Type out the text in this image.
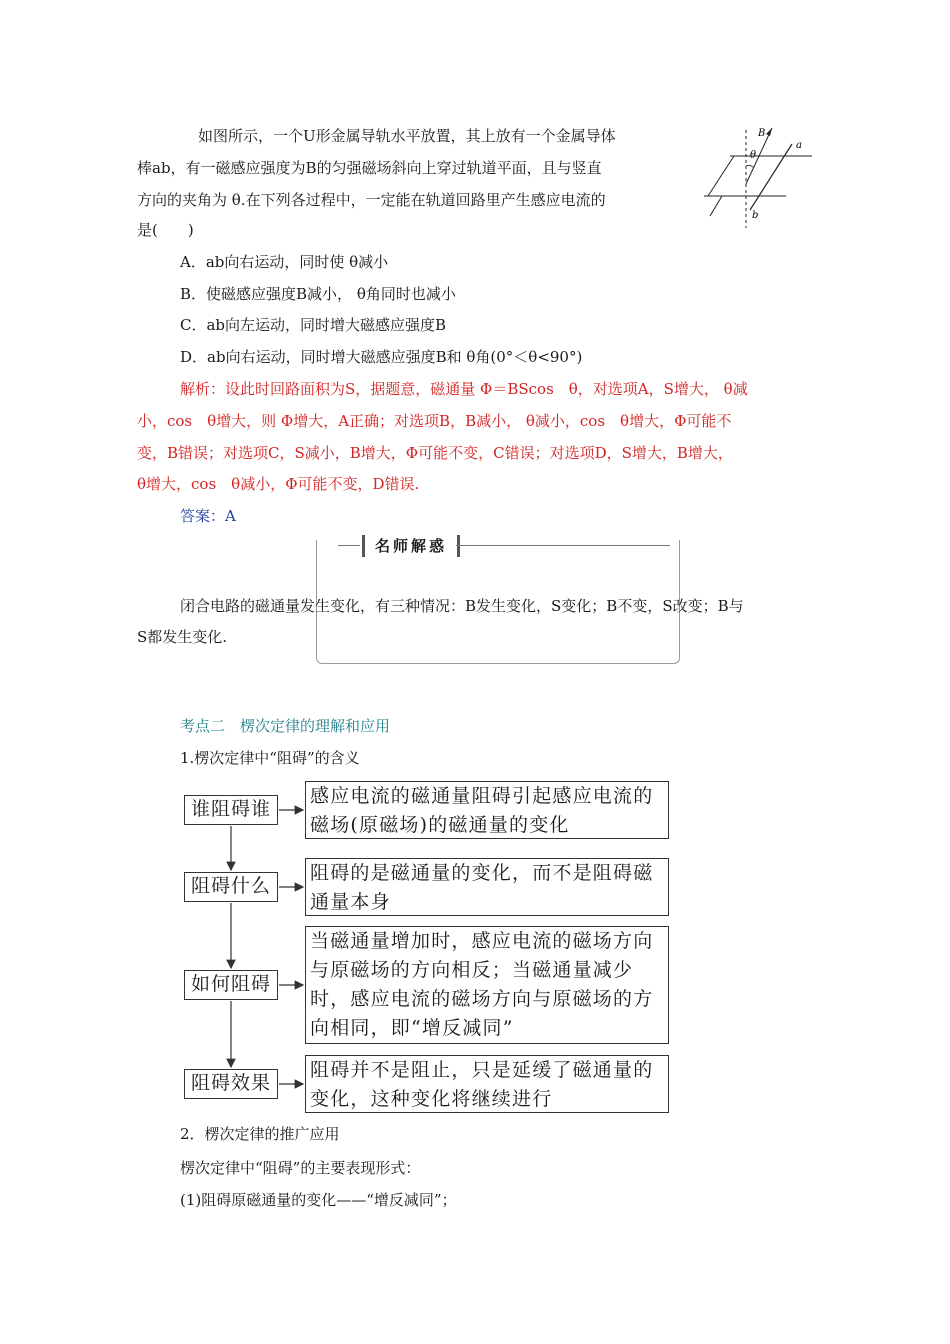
如图所示，一个U形金属导轨水平放置，其上放有一个金属导体
棒ab，有一磁感应强度为B的匀强磁场斜向上穿过轨道平面，且与竖直
方向的夹角为 θ.在下列各过程中，一定能在轨道回路里产生感应电流的
是(　　)
B
θ
a
b
A．ab向右运动，同时使 θ减小
B．使磁感应强度B减小， θ角同时也减小
C．ab向左运动，同时增大磁感应强度B
D．ab向右运动，同时增大磁感应强度B和 θ角(0°＜θ<90°)
解析：设此时回路面积为S，据题意，磁通量 Φ＝BScos　θ，对选项A，S增大， θ减
小，cos　θ增大，则 Φ增大，A正确；对选项B，B减小， θ减小，cos　θ增大，Φ可能不
变，B错误；对选项C，S减小，B增大，Φ可能不变，C错误；对选项D，S增大，B增大，
θ增大，cos　θ减小，Φ可能不变，D错误.
答案：A
名师解惑
闭合电路的磁通量发生变化，有三种情况：B发生变化，S变化；B不变，S改变；B与
S都发生变化.
考点二　楞次定律的理解和应用
1.楞次定律中“阻碍”的含义
谁阻碍谁
感应电流的磁通量阻碍引起感应电流的磁场(原磁场)的磁通量的变化
阻碍什么
阻碍的是磁通量的变化，而不是阻碍磁通量本身
如何阻碍
当磁通量增加时，感应电流的磁场方向与原磁场的方向相反；当磁通量减少时，感应电流的磁场方向与原磁场的方向相同，即“增反减同”
阻碍效果
阻碍并不是阻止，只是延缓了磁通量的变化，这种变化将继续进行
2．楞次定律的推广应用
楞次定律中“阻碍”的主要表现形式：
(1)阻碍原磁通量的变化——“增反减同”；
